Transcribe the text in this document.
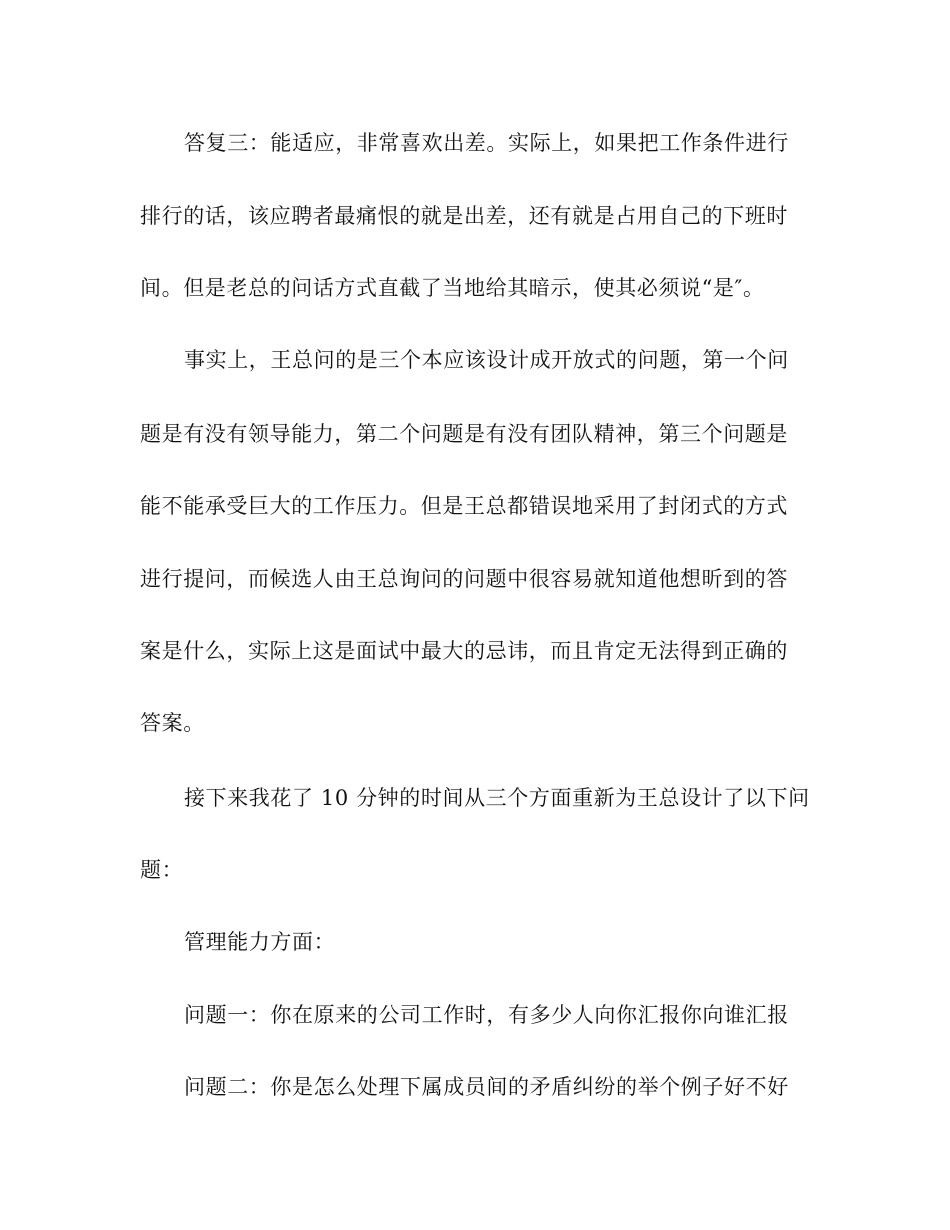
答复三：能适应，非常喜欢出差。实际上，如果把工作条件进行
排行的话，该应聘者最痛恨的就是出差，还有就是占用自己的下班时
间。但是老总的问话方式直截了当地给其暗示，使其必须说“是″。
事实上，王总问的是三个本应该设计成开放式的问题，第一个问
题是有没有领导能力，第二个问题是有没有团队精神，第三个问题是
能不能承受巨大的工作压力。但是王总都错误地采用了封闭式的方式
进行提问，而候选人由王总询问的问题中很容易就知道他想昕到的答
案是什么，实际上这是面试中最大的忌讳，而且肯定无法得到正确的
答案。
接下来我花了 10 分钟的时间从三个方面重新为王总设计了以下问
题：
管理能力方面：
问题一：你在原来的公司工作时，有多少人向你汇报你向谁汇报
问题二：你是怎么处理下属成员间的矛盾纠纷的举个例子好不好
